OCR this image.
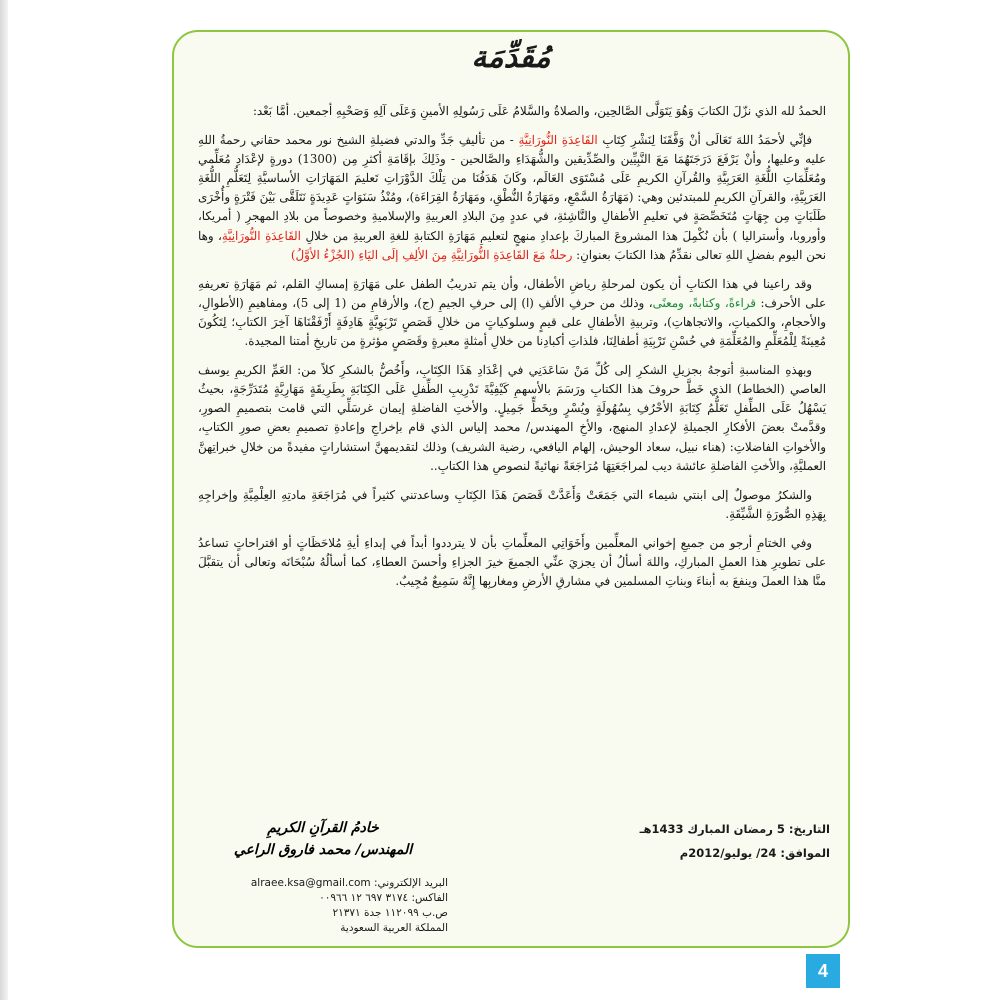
مُقَدِّمَة

الحمدُ لله الذي نزّلَ الكتابَ وَهُوَ يَتَوَلَّى الصَّالحِين، والصلاةُ والسَّلامُ عَلَى رَسُولِهِ الأمينِ وَعَلَى آلِهِ وَصَحْبِهِ أجمعين. أمَّا بَعْد:

فإنِّي لأحمَدُ اللهَ تَعَالَى أنْ وَفَّقَنَا لِنَشْرِ كِتَابِ القَاعِدَةِ النُّورَانِيَّةِ - من تأليفِ جَدِّ والدتي فضيلةِ الشيخ نور محمد حقاني رحمةُ اللهِ عليه وعليها، وأنْ يَرْفَعَ دَرَجَتَهُمَا مَعَ النَّبِيِّين والصِّدِّيقين والشُّهَدَاءِ والصَّالحين - وذَلِكَ بإقَامَةِ أكثرِ مِن (1300) دورةٍ لإعْدَادِ مُعَلِّمي ومُعَلِّمَاتِ اللُّغَةِ العَرَبِيَّةِ والقُرآنِ الكريمِ عَلَى مُسْتَوَى العَالَم، وكَانَ هَدَفُنَا من تِلْكَ الدَّوْرَاتِ تَعليمَ المَهَارَاتِ الأساسيَّةِ لِتَعَلُّمِ اللُّغَةِ العَرَبِيَّةِ، والقرآنِ الكريمِ للمبتدئين وهي: (مَهَارَةُ السَّمْعِ، ومَهَارَةُ النُّطْقِ، ومَهَارَةُ القِرَاءَة)، ومُنْذُ سَنَوَاتٍ عَدِيدَةٍ نَتَلَقَّى بَيْنَ فَتْرَةٍ وأُخْرَى طَلَبَاتٍ مِن جِهَاتٍ مُتَخَصِّصَةٍ في تعليمِ الأطفالِ والنَّاشِئةِ، في عددٍ مِنَ البلادِ العربيةِ والإسلاميةِ وخصوصاً من بلادِ المهجرِ ( أمريكا، وأوروبا، وأستراليا ) بأن نُكْمِلَ هذا المشروعَ المباركَ بإعدادِ منهجٍ لتعليمِ مَهَارَةِ الكتابةِ للغةِ العربيةِ من خلالِ القَاعِدَةِ النُّورَانِيَّةِ، وها نحن اليوم بفضلِ اللهِ تعالى نقدِّمُ هذا الكتابَ بعنوانِ: رحلةٌ مَعَ القَاعِدَةِ النُّورَانِيَّةِ مِنَ الألِفِ إلَى اليَاءِ (الجُزْءُ الأوَّلُ)

وقد راعينا في هذا الكتابِ أن يكون لمرحلةِ رياضِ الأطفال، وأن يتم تدريبُ الطفل على مَهَارَةِ إمساكِ القلم، ثم مَهَارَةِ تعريفهِ على الأحرف: قراءةً، وكتابةً، ومعنًى، وذلك من حرفِ الألفِ (ا) إلى حرفِ الجيمِ (ج)، والأرقامِ من (1 إلى 5)، ومفاهيمِ (الأطوالِ، والأحجامِ، والكمياتِ، والاتجاهاتِ)، وتربيةِ الأطفالِ على قيمٍ وسلوكياتٍ من خلالِ قَصَصٍ تَرْبَوِيَّةٍ هَادِفَةٍ أَرْفَقْنَاهَا آخِرَ الكتابِ؛ لِتَكُونَ مُعِينَةً لِلْمُعَلِّمِ والمُعَلِّمَةِ في حُسْنِ تَرْبِيَةِ أطفالِنَا، فلذاتِ أكبادِنا من خلالِ أمثلةٍ معبرةٍ وقَصَصٍ مؤثرةٍ من تاريخِ أمتنا المجيدة.

وبهذهِ المناسبةِ أتوجهُ بجزيلِ الشكرِ إلى كُلِّ مَنْ سَاعَدَنِي في إعْدَادِ هَذَا الكِتَابِ، وأَخُصُّ بالشكرِ كلاً من: العَمِّ الكريمِ يوسف العاصي (الخطاط) الذي خَطَّ حروفَ هذا الكتابِ ورَسَمَ بالأسهمِ كَيْفِيَّةَ تَدْرِيبِ الطِّفلِ عَلَى الكِتَابَةِ بِطَرِيقَةٍ مَهَارِيَّةٍ مُتَدَرِّجَةٍ، بحيثُ يَسْهُلُ عَلَى الطِّفلِ تَعَلُّمُ كِتَابَةِ الأحْرُفِ بِسُهُولَةٍ ويُسْرٍ وبِخَطٍّ جَمِيلٍ. والأختِ الفاضلةِ إيمان غرسَلِّي التي قامت بتصميمِ الصورِ، وقدَّمتْ بعضَ الأفكارِ الجميلةِ لإعدادِ المنهج، والأخِ المهندس/ محمد إلياس الذي قام بإخراجِ وإعادةِ تصميمِ بعضِ صورِ الكتابِ، والأخواتِ الفاضلاتِ: (هناء نبيل، سعاد الوحيش، إلهام اليافعي، رضية الشريف) وذلك لتقديمهنَّ استشاراتٍ مفيدةً من خلالِ خبراتِهنَّ العمليَّةِ، والأختِ الفاضلةِ عائشة ديب لمراجَعَتِهَا مُرَاجَعَةً نهائيةً لنصوصِ هذا الكتابِ..

والشكرُ موصولٌ إلى ابنتي شيماء التي جَمَعَتْ وَأَعَدَّتْ قَصَصَ هَذَا الكِتَابِ وساعدتني كثيراً في مُرَاجَعَةِ مادتِهِ العِلْمِيَّةِ وإخراجِهِ بِهَذِهِ الصُّورَةِ الشَّيِّقَةِ.

وفي الختامِ أرجو من جميعِ إخواني المعلِّمين وأَخَوَاتِي المعلِّماتِ بأن لا يترددوا أبداً في إبداءِ أيةِ مُلاحَظَاتٍ أو اقتراحاتٍ تساعدُ على تطويرِ هذا العملِ المباركِ، واللهَ أسألُ أن يجزيَ عنِّي الجميعَ خيرَ الجزاءِ وأحسنَ العطاءِ، كما أسألُهُ سُبْحَانَه وتعالى أن يتقبَّلَ منَّا هذا العملَ وينفعَ به أبناءَ وبناتِ المسلمين في مشارقِ الأرضِ ومغاربِها إِنَّهُ سَمِيعٌ مُجِيبٌ.

التاريخ: 5 رمضان المبارك 1433هـ
الموافق: 24/ يوليو/2012م
خادمُ القرآنِ الكريمِ
المهندس/ محمد فاروق الراعي
البريد الإلكتروني: alraee.ksa@gmail.com
الفاكس: ٣١٧٤ ٦٩٧ ١٢ ٠٠٩٦٦
ص.ب ١١٢٠٩٩ جدة ٢١٣٧١
المملكة العربية السعودية
4
